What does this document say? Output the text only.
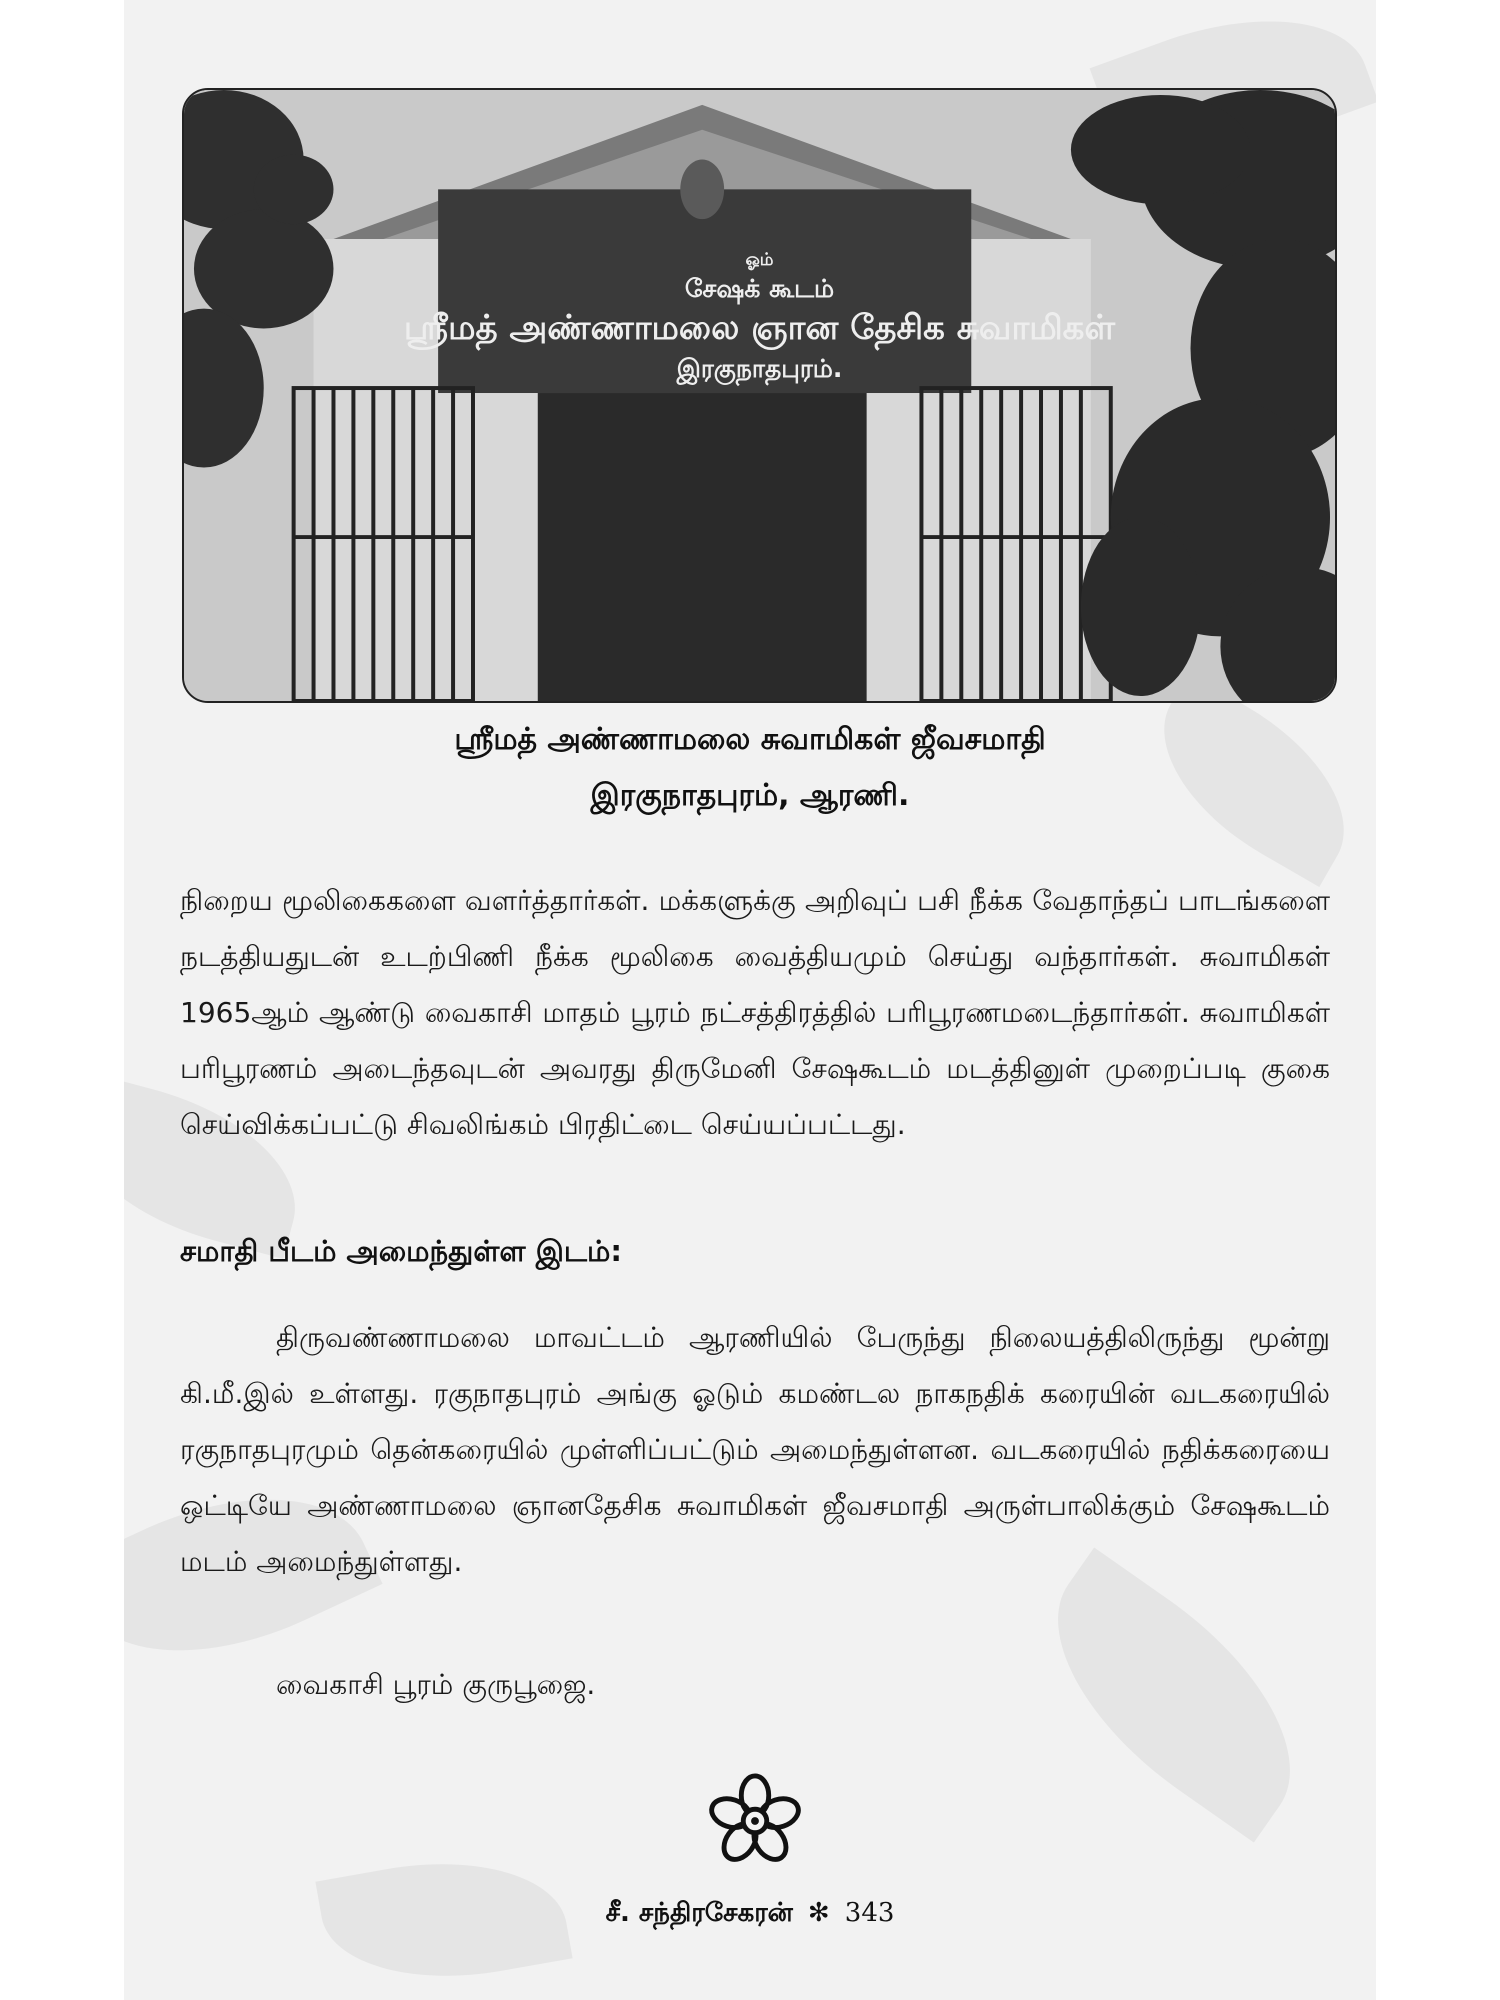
ஓம்
சேஷக் கூடம்
ஸ்ரீமத் அண்ணாமலை ஞான தேசிக சுவாமிகள்
இரகுநாதபுரம்.
ஸ்ரீமத் அண்ணாமலை சுவாமிகள் ஜீவசமாதி
இரகுநாதபுரம், ஆரணி.

நிறைய மூலிகைகளை வளர்த்தார்கள். மக்களுக்கு அறிவுப் பசி நீக்க வேதாந்தப் பாடங்களை நடத்தியதுடன் உடற்பிணி நீக்க மூலிகை வைத்தியமும் செய்து வந்தார்கள். சுவாமிகள் 1965ஆம் ஆண்டு வைகாசி மாதம் பூரம் நட்சத்திரத்தில் பரிபூரணமடைந்தார்கள். சுவாமிகள் பரிபூரணம் அடைந்தவுடன் அவரது திருமேனி சேஷகூடம் மடத்தினுள் முறைப்படி குகை செய்விக்கப்பட்டு சிவலிங்கம் பிரதிட்டை செய்யப்பட்டது.

சமாதி பீடம் அமைந்துள்ள இடம்:

திருவண்ணாமலை மாவட்டம் ஆரணியில் பேருந்து நிலையத்திலிருந்து மூன்று கி.மீ.இல் உள்ளது. ரகுநாதபுரம் அங்கு ஓடும் கமண்டல நாகநதிக் கரையின் வடகரையில் ரகுநாதபுரமும் தென்கரையில் முள்ளிப்பட்டும் அமைந்துள்ளன. வடகரையில் நதிக்கரையை ஒட்டியே அண்ணாமலை ஞானதேசிக சுவாமிகள் ஜீவசமாதி அருள்பாலிக்கும் சேஷகூடம் மடம் அமைந்துள்ளது.

வைகாசி பூரம் குருபூஜை.
சீ. சந்திரசேகரன் ✻ 343
